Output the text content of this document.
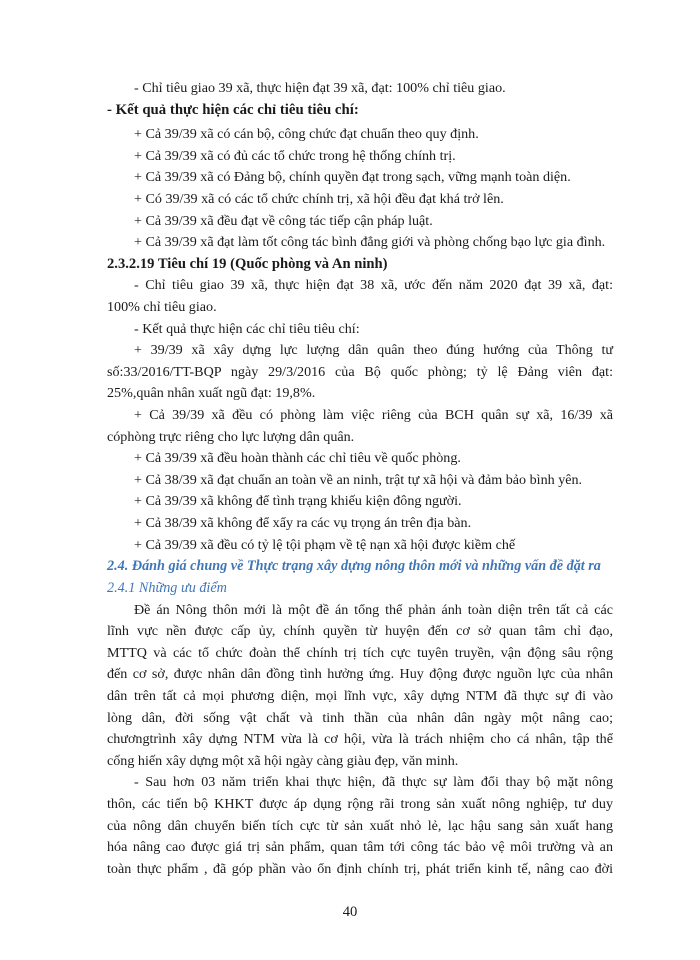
- Chỉ tiêu giao 39 xã, thực hiện đạt 39 xã, đạt: 100% chỉ tiêu giao.
- Kết quả thực hiện các chỉ tiêu tiêu chí:
+ Cả 39/39 xã có cán bộ, công chức đạt chuẩn theo quy định.
+ Cả 39/39 xã có đủ các tổ chức trong hệ thống chính trị.
+ Cả 39/39 xã có Đảng bộ, chính quyền đạt trong sạch, vững mạnh toàn diện.
+ Có 39/39 xã có các tổ chức chính trị, xã hội đều đạt khá trở lên.
+ Cả 39/39 xã đều đạt về công tác tiếp cận pháp luật.
+ Cả 39/39 xã đạt làm tốt công tác bình đẳng giới và phòng chống bạo lực gia đình.
2.3.2.19 Tiêu chí 19 (Quốc phòng và An ninh)
- Chỉ tiêu giao 39 xã, thực hiện đạt 38 xã, ước đến năm 2020 đạt 39 xã, đạt:
100% chỉ tiêu giao.
- Kết quả thực hiện các chỉ tiêu tiêu chí:
+ 39/39 xã xây dựng lực lượng dân quân theo đúng hướng của Thông tư
số:33/2016/TT-BQP ngày 29/3/2016 của Bộ quốc phòng; tỷ lệ Đảng viên đạt:
25%,quân nhân xuất ngũ đạt: 19,8%.
+ Cả 39/39 xã đều có phòng làm việc riêng của BCH quân sự xã, 16/39 xã
cóphòng trực riêng cho lực lượng dân quân.
+ Cả 39/39 xã đều hoàn thành các chỉ tiêu về quốc phòng.
+ Cả 38/39 xã đạt chuẩn an toàn về an ninh, trật tự xã hội và đảm bảo bình yên.
+ Cả 39/39 xã không để tình trạng khiếu kiện đông người.
+ Cả 38/39 xã không để xẩy ra các vụ trọng án trên địa bàn.
+ Cả 39/39 xã đều có tỷ lệ tội phạm về tệ nạn xã hội được kiềm chế
2.4. Đánh giá chung về Thực trạng xây dựng nông thôn mới và những vấn đề đặt ra
2.4.1 Những ưu điểm
Đề án Nông thôn mới là một đề án tổng thể phản ánh toàn diện trên tất cả các
lĩnh vực nền được cấp ủy, chính quyền từ huyện đến cơ sở quan tâm chỉ đạo,
MTTQ và các tổ chức đoàn thể chính trị tích cực tuyên truyền, vận động sâu rộng
đến cơ sở, được nhân dân đồng tình hưởng ứng. Huy động được nguồn lực của nhân
dân trên tất cả mọi phương diện, mọi lĩnh vực, xây dựng NTM đã thực sự đi vào
lòng dân, đời sống vật chất và tinh thần của nhân dân ngày một nâng cao;
chươngtrình xây dựng NTM vừa là cơ hội, vừa là trách nhiệm cho cá nhân, tập thể
cống hiến xây dựng một xã hội ngày càng giàu đẹp, văn minh.
- Sau hơn 03 năm triển khai thực hiện, đã thực sự làm đổi thay bộ mặt nông
thôn, các tiến bộ KHKT được áp dụng rộng rãi trong sản xuất nông nghiệp, tư duy
của nông dân chuyển biến tích cực từ sản xuất nhỏ lẻ, lạc hậu sang sản xuất hang
hóa nâng cao được giá trị sản phẩm, quan tâm tới công tác bảo vệ môi trường và an
toàn thực phẩm , đã góp phần vào ổn định chính trị, phát triển kinh tế, nâng cao đời
40
